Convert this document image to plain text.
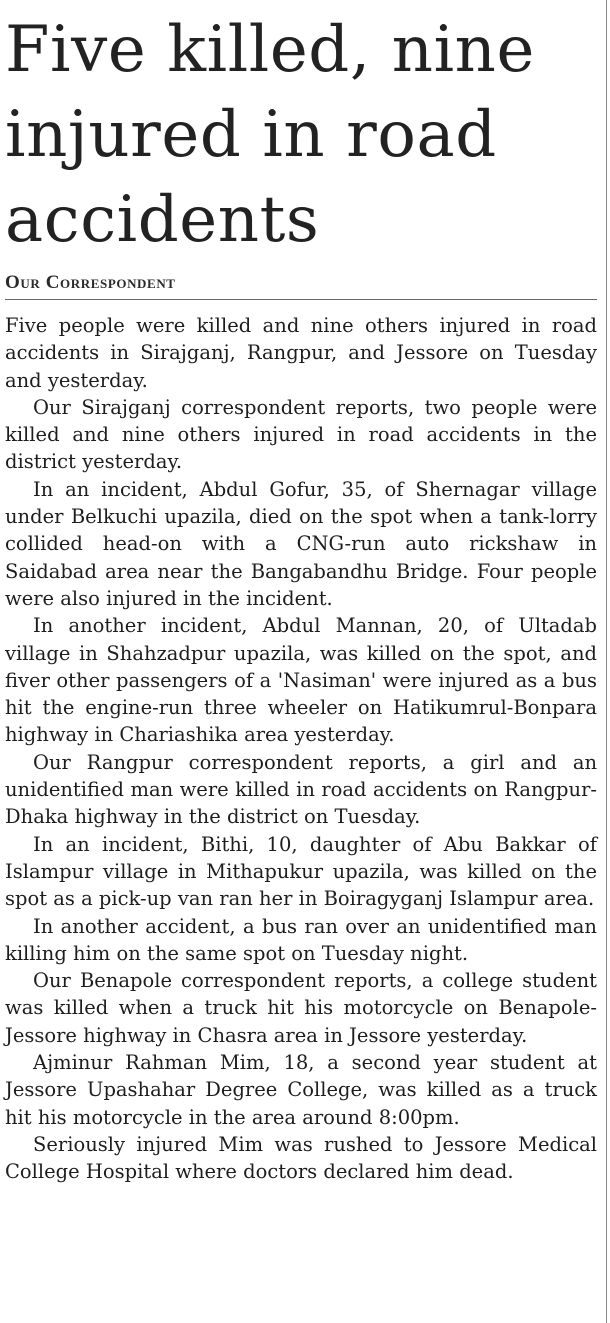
Five killed, nine injured in road accidents
Our Correspondent

Five people were killed and nine others injured in road accidents in Sirajganj, Rangpur, and Jessore on Tuesday and yesterday.

Our Sirajganj correspondent reports, two people were killed and nine others injured in road accidents in the district yesterday.

In an incident, Abdul Gofur, 35, of Shernagar village under Belkuchi upazila, died on the spot when a tank-lorry collided head-on with a CNG-run auto rickshaw in Saidabad area near the Bangabandhu Bridge. Four people were also injured in the incident.

In another incident, Abdul Mannan, 20, of Ultadab village in Shahzadpur upazila, was killed on the spot, and fiver other passengers of a 'Nasiman' were injured as a bus hit the engine-run three wheeler on Hatikumrul-Bonpara highway in Chariashika area yesterday.

Our Rangpur correspondent reports, a girl and an unidentified man were killed in road accidents on Rangpur-Dhaka highway in the district on Tuesday.

In an incident, Bithi, 10, daughter of Abu Bakkar of Islampur village in Mithapukur upazila, was killed on the spot as a pick-up van ran her in Boiragyganj Islampur area.

In another accident, a bus ran over an unidentified man killing him on the same spot on Tuesday night.

Our Benapole correspondent reports, a college student was killed when a truck hit his motorcycle on Benapole-Jessore highway in Chasra area in Jessore yesterday.

Ajminur Rahman Mim, 18, a second year student at Jessore Upashahar Degree College, was killed as a truck hit his motorcycle in the area around 8:00pm.

Seriously injured Mim was rushed to Jessore Medical College Hospital where doctors declared him dead.
